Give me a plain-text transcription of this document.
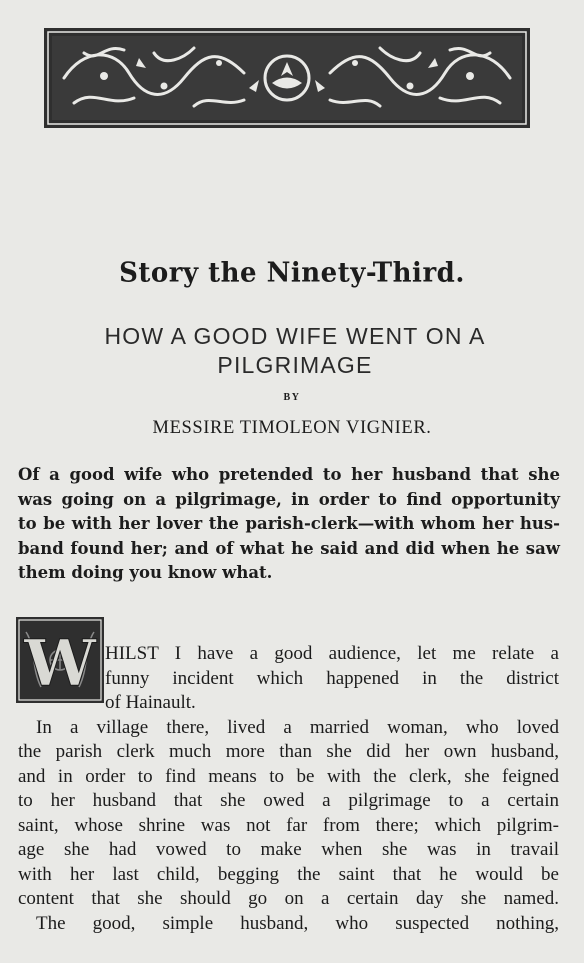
Story the Ninety-Third.
HOW A GOOD WIFE WENT ON A
PILGRIMAGE
BY
MESSIRE TIMOLEON VIGNIER.
Of a good wife who pretended to her husband that she
was going on a pilgrimage, in order to find opportunity
to be with her lover the parish-clerk—with whom her hus-
band found her; and of what he said and did when he saw
them doing you know what.
W HILST I have a good audience, let me relate a
funny incident which happened in the district
of Hainault.
In a village there, lived a married woman, who loved
the parish clerk much more than she did her own husband,
and in order to find means to be with the clerk, she feigned
to her husband that she owed a pilgrimage to a certain
saint, whose shrine was not far from there; which pilgrim-
age she had vowed to make when she was in travail
with her last child, begging the saint that he would be
content that she should go on a certain day she named.
The good, simple husband, who suspected nothing,
